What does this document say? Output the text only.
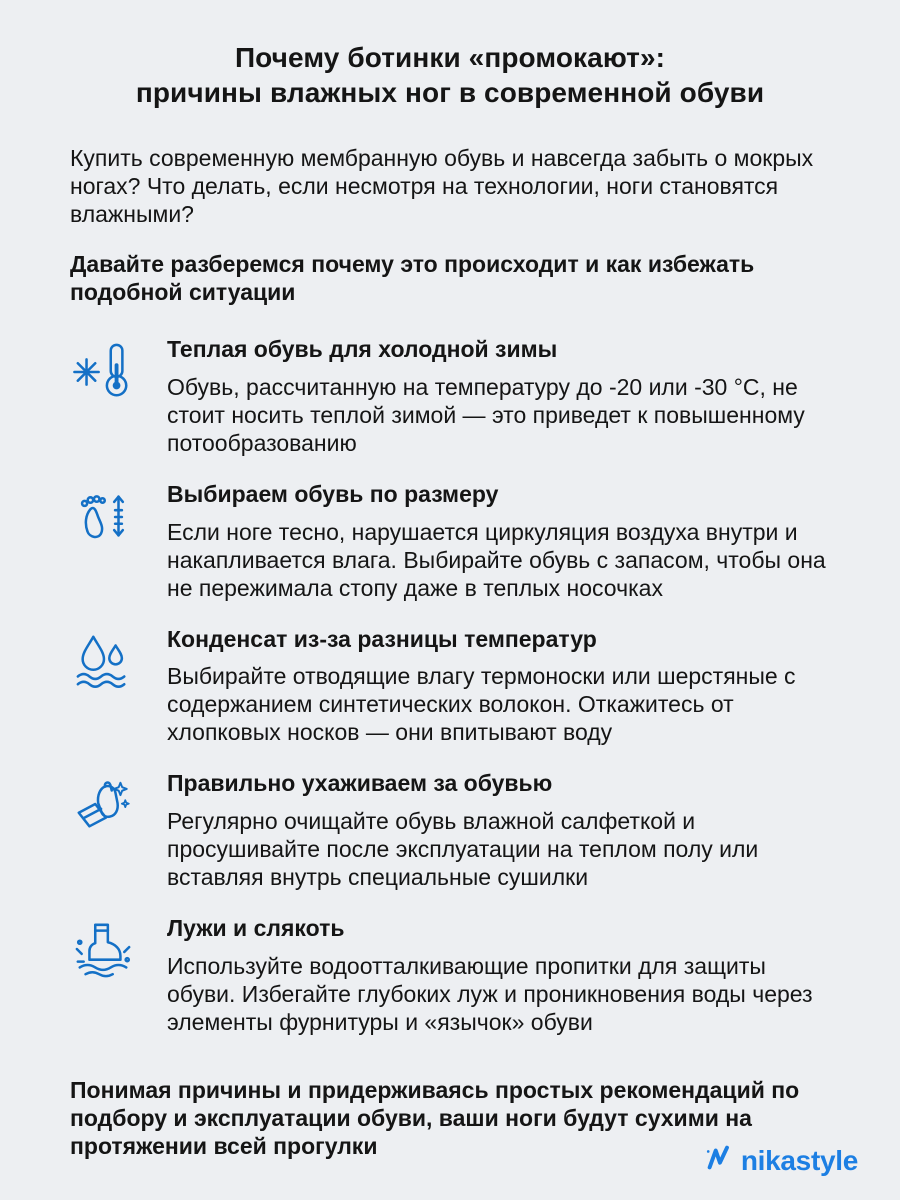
Почему ботинки «промокают»:
причины влажных ног в современной обуви

Купить современную мембранную обувь и навсегда забыть о мокрых ногах? Что делать, если несмотря на технологии, ноги становятся влажными?

Давайте разберемся почему это происходит и как избежать подобной ситуации

Теплая обувь для холодной зимы

Обувь, рассчитанную на температуру до -20 или -30 °С, не стоит носить теплой зимой — это приведет к повышенному потообразованию

Выбираем обувь по размеру

Если ноге тесно, нарушается циркуляция воздуха внутри и накапливается влага. Выбирайте обувь с запасом, чтобы она не пережимала стопу даже в теплых носочках

Конденсат из-за разницы температур

Выбирайте отводящие влагу термоноски или шерстяные с содержанием синтетических волокон. Откажитесь от хлопковых носков — они впитывают воду

Правильно ухаживаем за обувью

Регулярно очищайте обувь влажной салфеткой и просушивайте после эксплуатации на теплом полу или вставляя внутрь специальные сушилки

Лужи и слякоть

Используйте водоотталкивающие пропитки для защиты обуви. Избегайте глубоких луж и проникновения воды через элементы фурнитуры и «язычок» обуви

Понимая причины и придерживаясь простых рекомендаций по подбору и эксплуатации обуви, ваши ноги будут сухими на протяжении всей прогулки	nikastyle
